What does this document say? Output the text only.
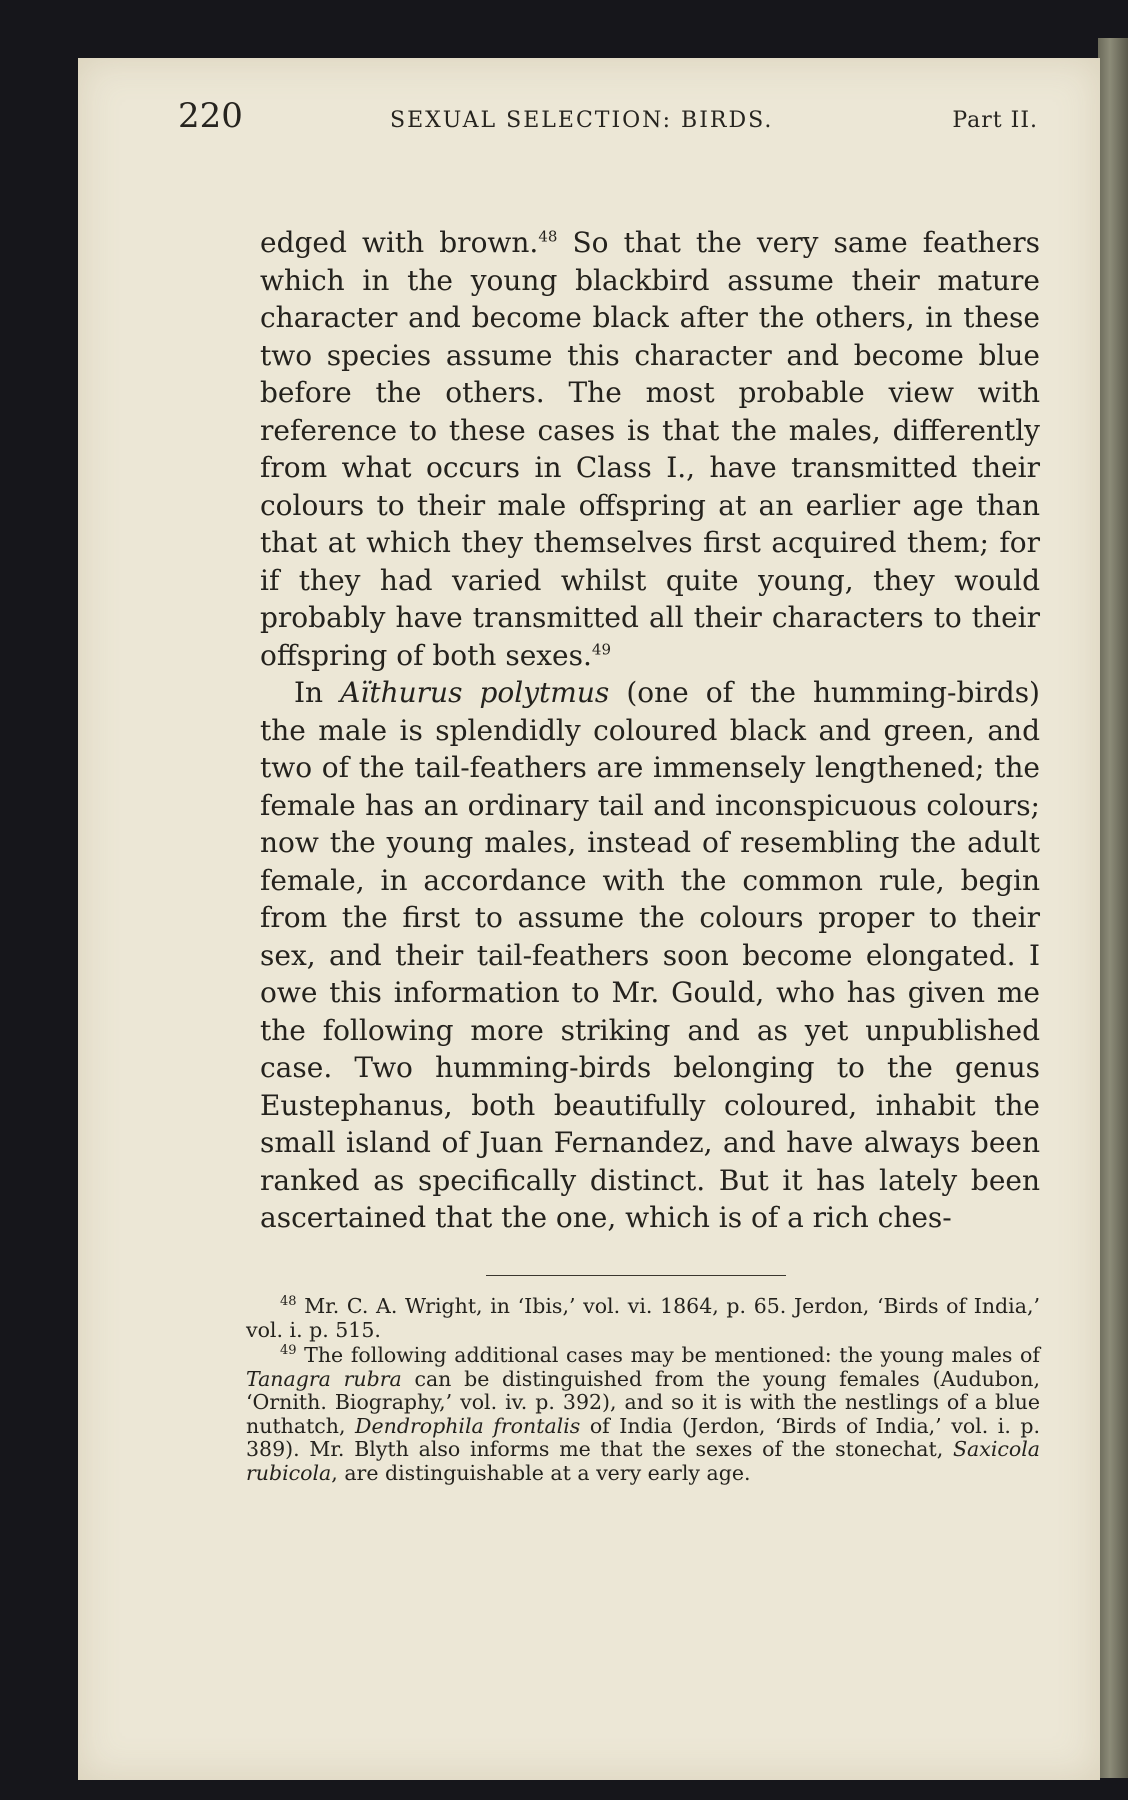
220	SEXUAL SELECTION: BIRDS.	Part II.

edged with brown.$^{48}$ So that the very same feathers which in the young blackbird assume their mature character and become black after the others, in these two species assume this character and become blue before the others. The most probable view with reference to these cases is that the males, differently from what occurs in Class I., have transmitted their colours to their male offspring at an earlier age than that at which they themselves first acquired them; for if they had varied whilst quite young, they would probably have transmitted all their characters to their offspring of both sexes.$^{49}$

In Aïthurus polytmus (one of the humming-birds) the male is splendidly coloured black and green, and two of the tail-feathers are immensely lengthened; the female has an ordinary tail and inconspicuous colours; now the young males, instead of resembling the adult female, in accordance with the common rule, begin from the first to assume the colours proper to their sex, and their tail-feathers soon become elongated. I owe this information to Mr. Gould, who has given me the following more striking and as yet unpublished case. Two humming-birds belonging to the genus Eustephanus, both beautifully coloured, inhabit the small island of Juan Fernandez, and have always been ranked as specifically distinct. But it has lately been ascertained that the one, which is of a rich ches-

$^{48}$ Mr. C. A. Wright, in ‘Ibis,’ vol. vi. 1864, p. 65. Jerdon, ‘Birds of India,’ vol. i. p. 515.

$^{49}$ The following additional cases may be mentioned: the young males of Tanagra rubra can be distinguished from the young females (Audubon, ‘Ornith. Biography,’ vol. iv. p. 392), and so it is with the nestlings of a blue nuthatch, Dendrophila frontalis of India (Jerdon, ‘Birds of India,’ vol. i. p. 389). Mr. Blyth also informs me that the sexes of the stonechat, Saxicola rubicola, are distinguishable at a very early age.
